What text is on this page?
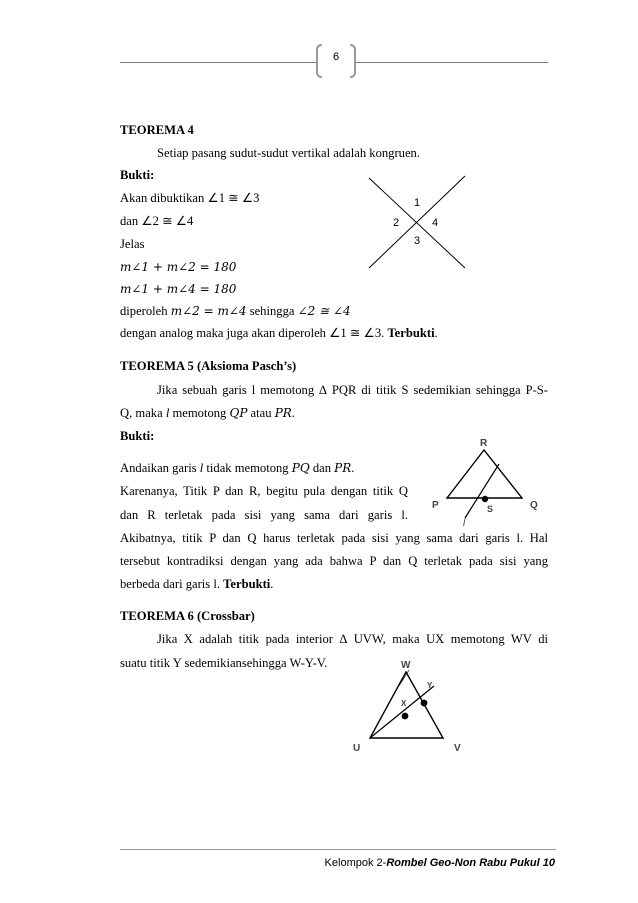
6
TEOREMA 4
Setiap pasang sudut-sudut vertikal adalah kongruen.
Bukti:
Akan dibuktikan ∠1 ≅ ∠3
dan ∠2 ≅ ∠4
Jelas
m∠1 + m∠2 = 180
m∠1 + m∠4 = 180
diperoleh m∠2 = m∠4 sehingga ∠2 ≅ ∠4
dengan analog maka juga akan diperoleh ∠1 ≅ ∠3. Terbukti.
1
2	4
3
TEOREMA 5 (Aksioma Pasch’s)
Jika sebuah garis l memotong ∆ PQR di titik S sedemikian sehingga P-S-
Q, maka l memotong QP atau PR.
Bukti:
Andaikan garis l tidak memotong PQ dan PR.
Karenanya, Titik P dan R, begitu pula dengan titik Q
dan R terletak pada sisi yang sama dari garis l.
Akibatnya, titik P dan Q harus terletak pada sisi yang sama dari garis l. Hal
tersebut kontradiksi dengan yang ada bahwa P dan Q terletak pada sisi yang
berbeda dari garis l. Terbukti.
R
P	Q
S
l
TEOREMA 6 (Crossbar)
Jika X adalah titik pada interior ∆ UVW, maka UX memotong WV di
suatu titik Y sedemikiansehingga W-Y-V.	W
U	V
X
Y
Kelompok 2-Rombel Geo-Non Rabu Pukul 10
